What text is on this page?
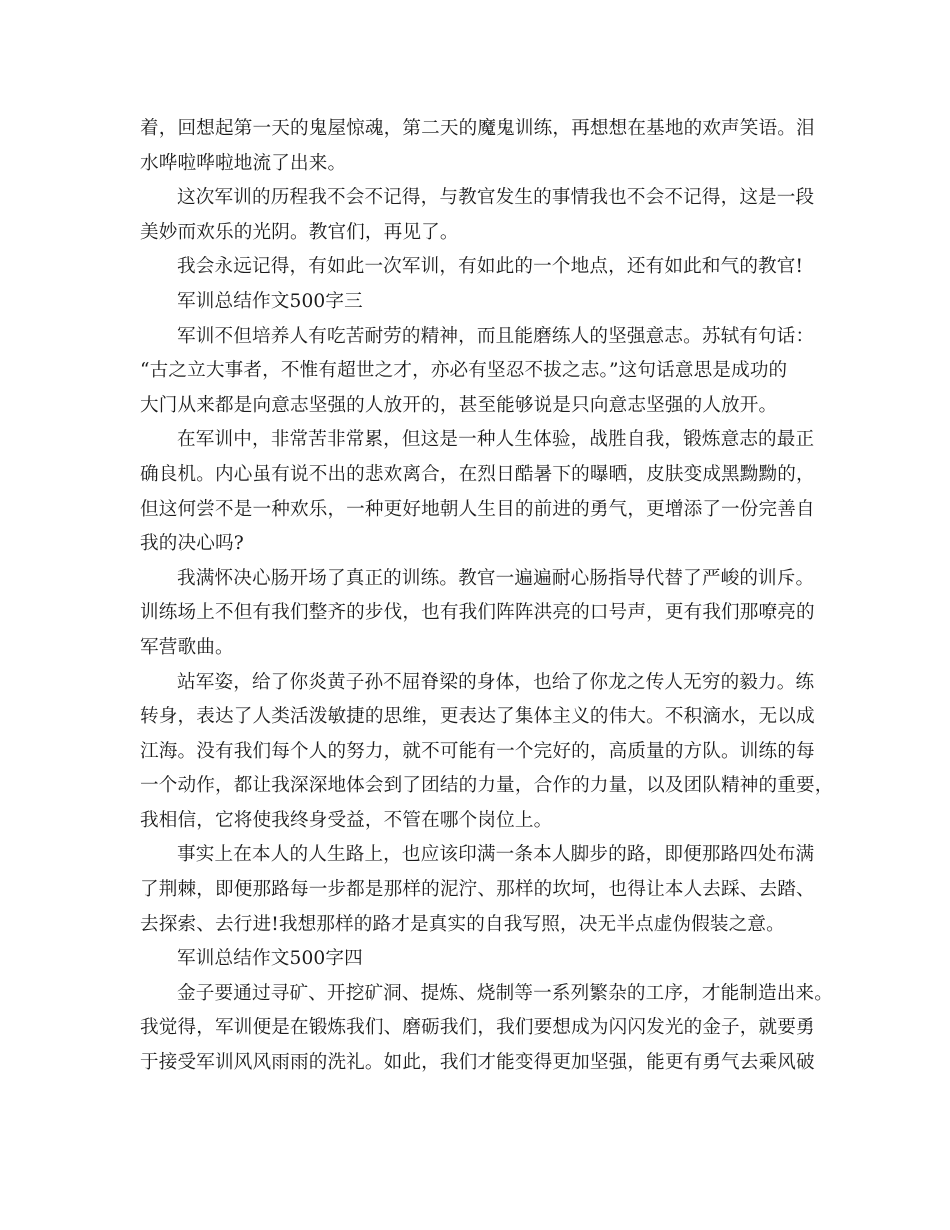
着，回想起第一天的鬼屋惊魂，第二天的魔鬼训练，再想想在基地的欢声笑语。泪
水哗啦哗啦地流了出来。
这次军训的历程我不会不记得，与教官发生的事情我也不会不记得，这是一段
美妙而欢乐的光阴。教官们，再见了。
我会永远记得，有如此一次军训，有如此的一个地点，还有如此和气的教官!
军训总结作文500字三
军训不但培养人有吃苦耐劳的精神，而且能磨练人的坚强意志。苏轼有句话：
“古之立大事者，不惟有超世之才，亦必有坚忍不拔之志。”这句话意思是成功的
大门从来都是向意志坚强的人放开的，甚至能够说是只向意志坚强的人放开。
在军训中，非常苦非常累，但这是一种人生体验，战胜自我，锻炼意志的最正
确良机。内心虽有说不出的悲欢离合，在烈日酷暑下的曝晒，皮肤变成黑黝黝的，
但这何尝不是一种欢乐，一种更好地朝人生目的前进的勇气，更增添了一份完善自
我的决心吗?
我满怀决心肠开场了真正的训练。教官一遍遍耐心肠指导代替了严峻的训斥。
训练场上不但有我们整齐的步伐，也有我们阵阵洪亮的口号声，更有我们那嘹亮的
军营歌曲。
站军姿，给了你炎黄子孙不屈脊梁的身体，也给了你龙之传人无穷的毅力。练
转身，表达了人类活泼敏捷的思维，更表达了集体主义的伟大。不积滴水，无以成
江海。没有我们每个人的努力，就不可能有一个完好的，高质量的方队。训练的每
一个动作，都让我深深地体会到了团结的力量，合作的力量，以及团队精神的重要，
我相信，它将使我终身受益，不管在哪个岗位上。
事实上在本人的人生路上，也应该印满一条本人脚步的路，即便那路四处布满
了荆棘，即便那路每一步都是那样的泥泞、那样的坎坷，也得让本人去踩、去踏、
去探索、去行进!我想那样的路才是真实的自我写照，决无半点虚伪假装之意。
军训总结作文500字四
金子要通过寻矿、开挖矿洞、提炼、烧制等一系列繁杂的工序，才能制造出来。
我觉得，军训便是在锻炼我们、磨砺我们，我们要想成为闪闪发光的金子，就要勇
于接受军训风风雨雨的洗礼。如此，我们才能变得更加坚强，能更有勇气去乘风破
